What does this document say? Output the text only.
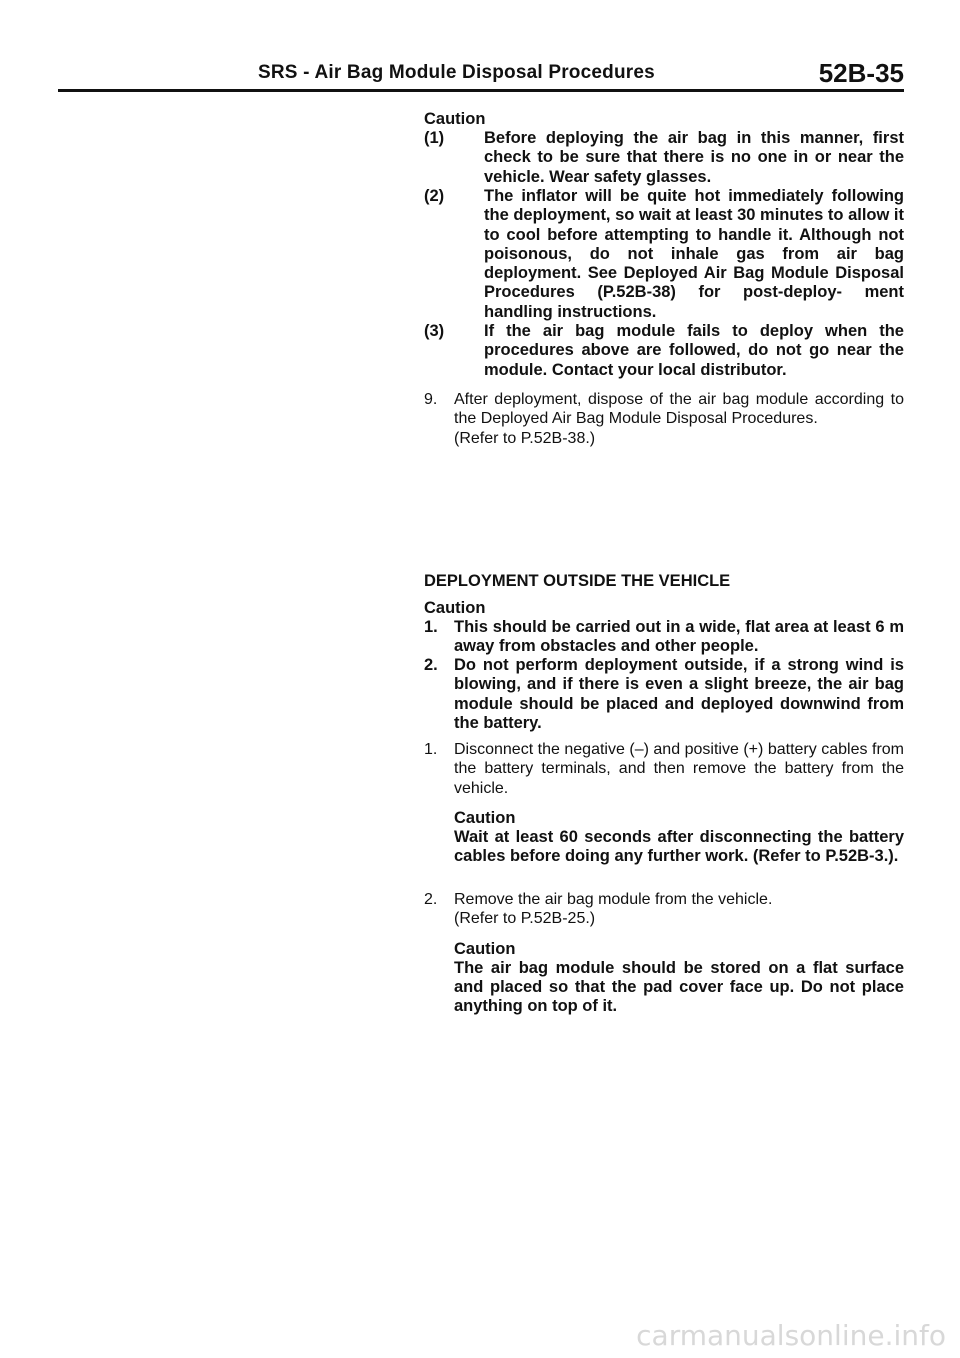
SRS - Air Bag Module Disposal Procedures	52B-35

Caution

(1) Before deploying the air bag in this manner, first check to be sure that there is no one in or near the vehicle. Wear safety glasses.

(2) The inflator will be quite hot immediately following the deployment, so wait at least 30 minutes to allow it to cool before attempting to handle it. Although not poisonous, do not inhale gas from air bag deployment. See Deployed Air Bag Module Disposal Procedures (P.52B-38) for post-deploy- ment handling instructions.

(3) If the air bag module fails to deploy when the procedures above are followed, do not go near the module. Contact your local distributor.

9. After deployment, dispose of the air bag module according to the Deployed Air Bag Module Disposal Procedures.

(Refer to P.52B-38.)

DEPLOYMENT OUTSIDE THE VEHICLE

Caution

1. This should be carried out in a wide, flat area at least 6 m away from obstacles and other people.

2. Do not perform deployment outside, if a strong wind is blowing, and if there is even a slight breeze, the air bag module should be placed and deployed downwind from the battery.

1. Disconnect the negative (–) and positive (+) battery cables from the battery terminals, and then remove the battery from the vehicle.

Caution

Wait at least 60 seconds after disconnecting the battery cables before doing any further work. (Refer to P.52B-3.).

2. Remove the air bag module from the vehicle.

(Refer to P.52B-25.)

Caution

The air bag module should be stored on a flat surface and placed so that the pad cover face up. Do not place anything on top of it.

carmanualsonline.info
